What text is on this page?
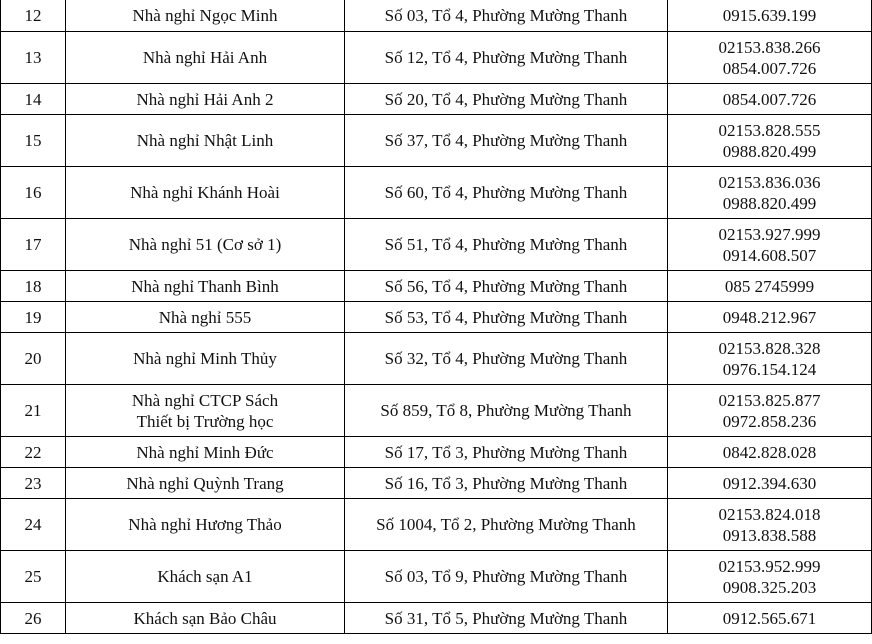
12	Nhà nghỉ Ngọc Minh	Số 03, Tổ 4, Phường Mường Thanh	0915.639.199

13	Nhà nghỉ Hải Anh	Số 12, Tổ 4, Phường Mường Thanh	02153.838.266
0854.007.726

14	Nhà nghỉ Hải Anh 2	Số 20, Tổ 4, Phường Mường Thanh	0854.007.726

15	Nhà nghỉ Nhật Linh	Số 37, Tổ 4, Phường Mường Thanh	02153.828.555
0988.820.499

16	Nhà nghỉ Khánh Hoài	Số 60, Tổ 4, Phường Mường Thanh	02153.836.036
0988.820.499

17	Nhà nghỉ 51 (Cơ sở 1)	Số 51, Tổ 4, Phường Mường Thanh	02153.927.999
0914.608.507

18	Nhà nghỉ Thanh Bình	Số 56, Tổ 4, Phường Mường Thanh	085 2745999

19	Nhà nghỉ 555	Số 53, Tổ 4, Phường Mường Thanh	0948.212.967

20	Nhà nghỉ Minh Thủy	Số 32, Tổ 4, Phường Mường Thanh	02153.828.328
0976.154.124

21	Nhà nghỉ CTCP Sách
Thiết bị Trường học	Số 859, Tổ 8, Phường Mường Thanh	02153.825.877
0972.858.236

22	Nhà nghỉ Minh Đức	Số 17, Tổ 3, Phường Mường Thanh	0842.828.028

23	Nhà nghỉ Quỳnh Trang	Số 16, Tổ 3, Phường Mường Thanh	0912.394.630

24	Nhà nghỉ Hương Thảo	Số 1004, Tổ 2, Phường Mường Thanh	02153.824.018
0913.838.588

25	Khách sạn A1	Số 03, Tổ 9, Phường Mường Thanh	02153.952.999
0908.325.203

26	Khách sạn Bảo Châu	Số 31, Tổ 5, Phường Mường Thanh	0912.565.671
